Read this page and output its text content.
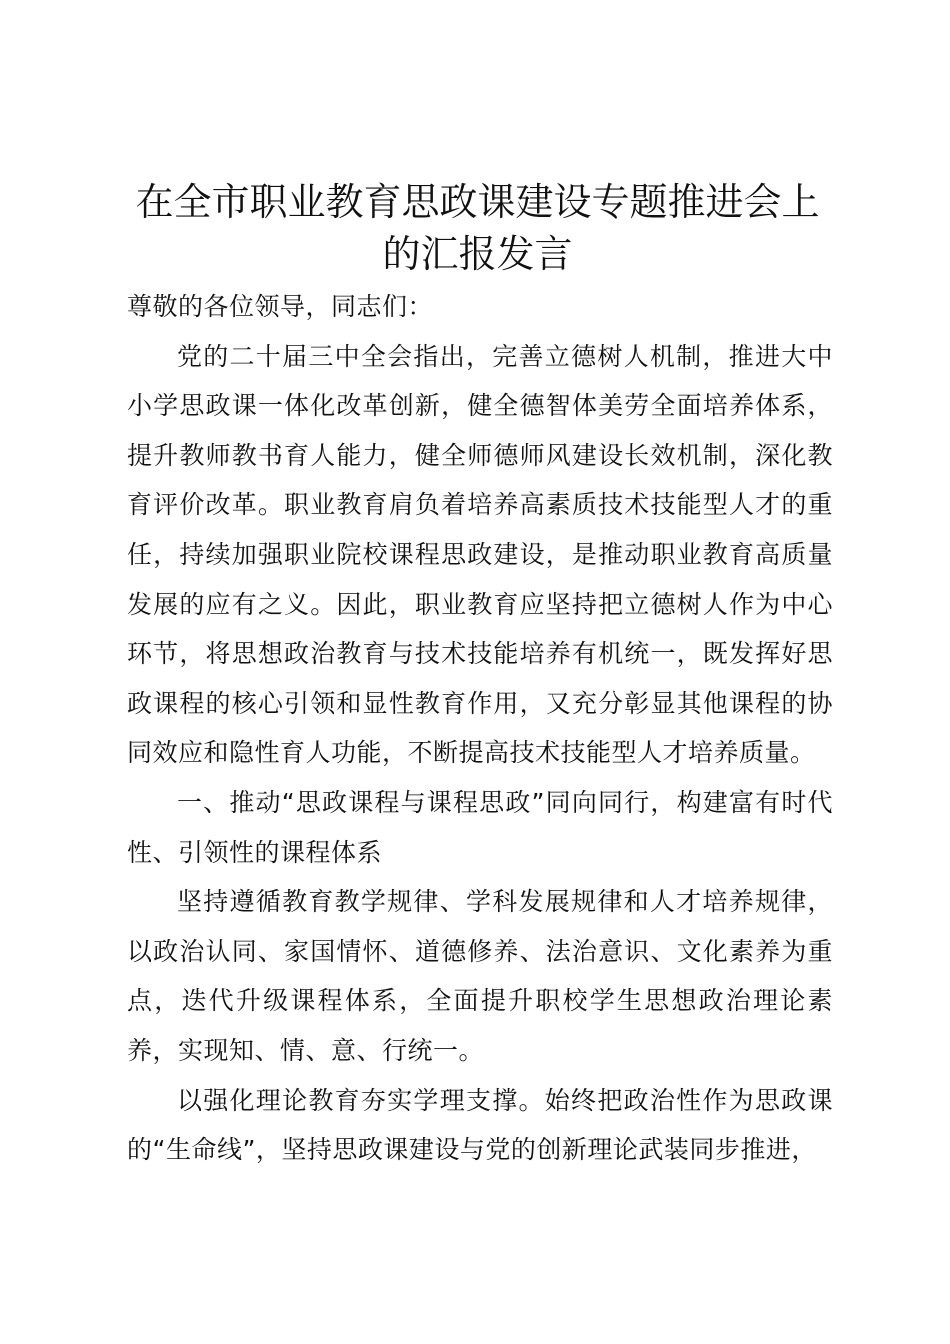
在全市职业教育思政课建设专题推进会上的汇报发言

尊敬的各位领导，同志们：

党的二十届三中全会指出，完善立德树人机制，推进大中小学思政课一体化改革创新，健全德智体美劳全面培养体系，提升教师教书育人能力，健全师德师风建设长效机制，深化教育评价改革。职业教育肩负着培养高素质技术技能型人才的重任，持续加强职业院校课程思政建设，是推动职业教育高质量发展的应有之义。因此，职业教育应坚持把立德树人作为中心环节，将思想政治教育与技术技能培养有机统一，既发挥好思政课程的核心引领和显性教育作用，又充分彰显其他课程的协同效应和隐性育人功能，不断提高技术技能型人才培养质量。

一、推动“思政课程与课程思政”同向同行，构建富有时代性、引领性的课程体系

坚持遵循教育教学规律、学科发展规律和人才培养规律，以政治认同、家国情怀、道德修养、法治意识、文化素养为重点，迭代升级课程体系，全面提升职校学生思想政治理论素养，实现知、情、意、行统一。

以强化理论教育夯实学理支撑。始终把政治性作为思政课的“生命线”，坚持思政课建设与党的创新理论武装同步推进，
